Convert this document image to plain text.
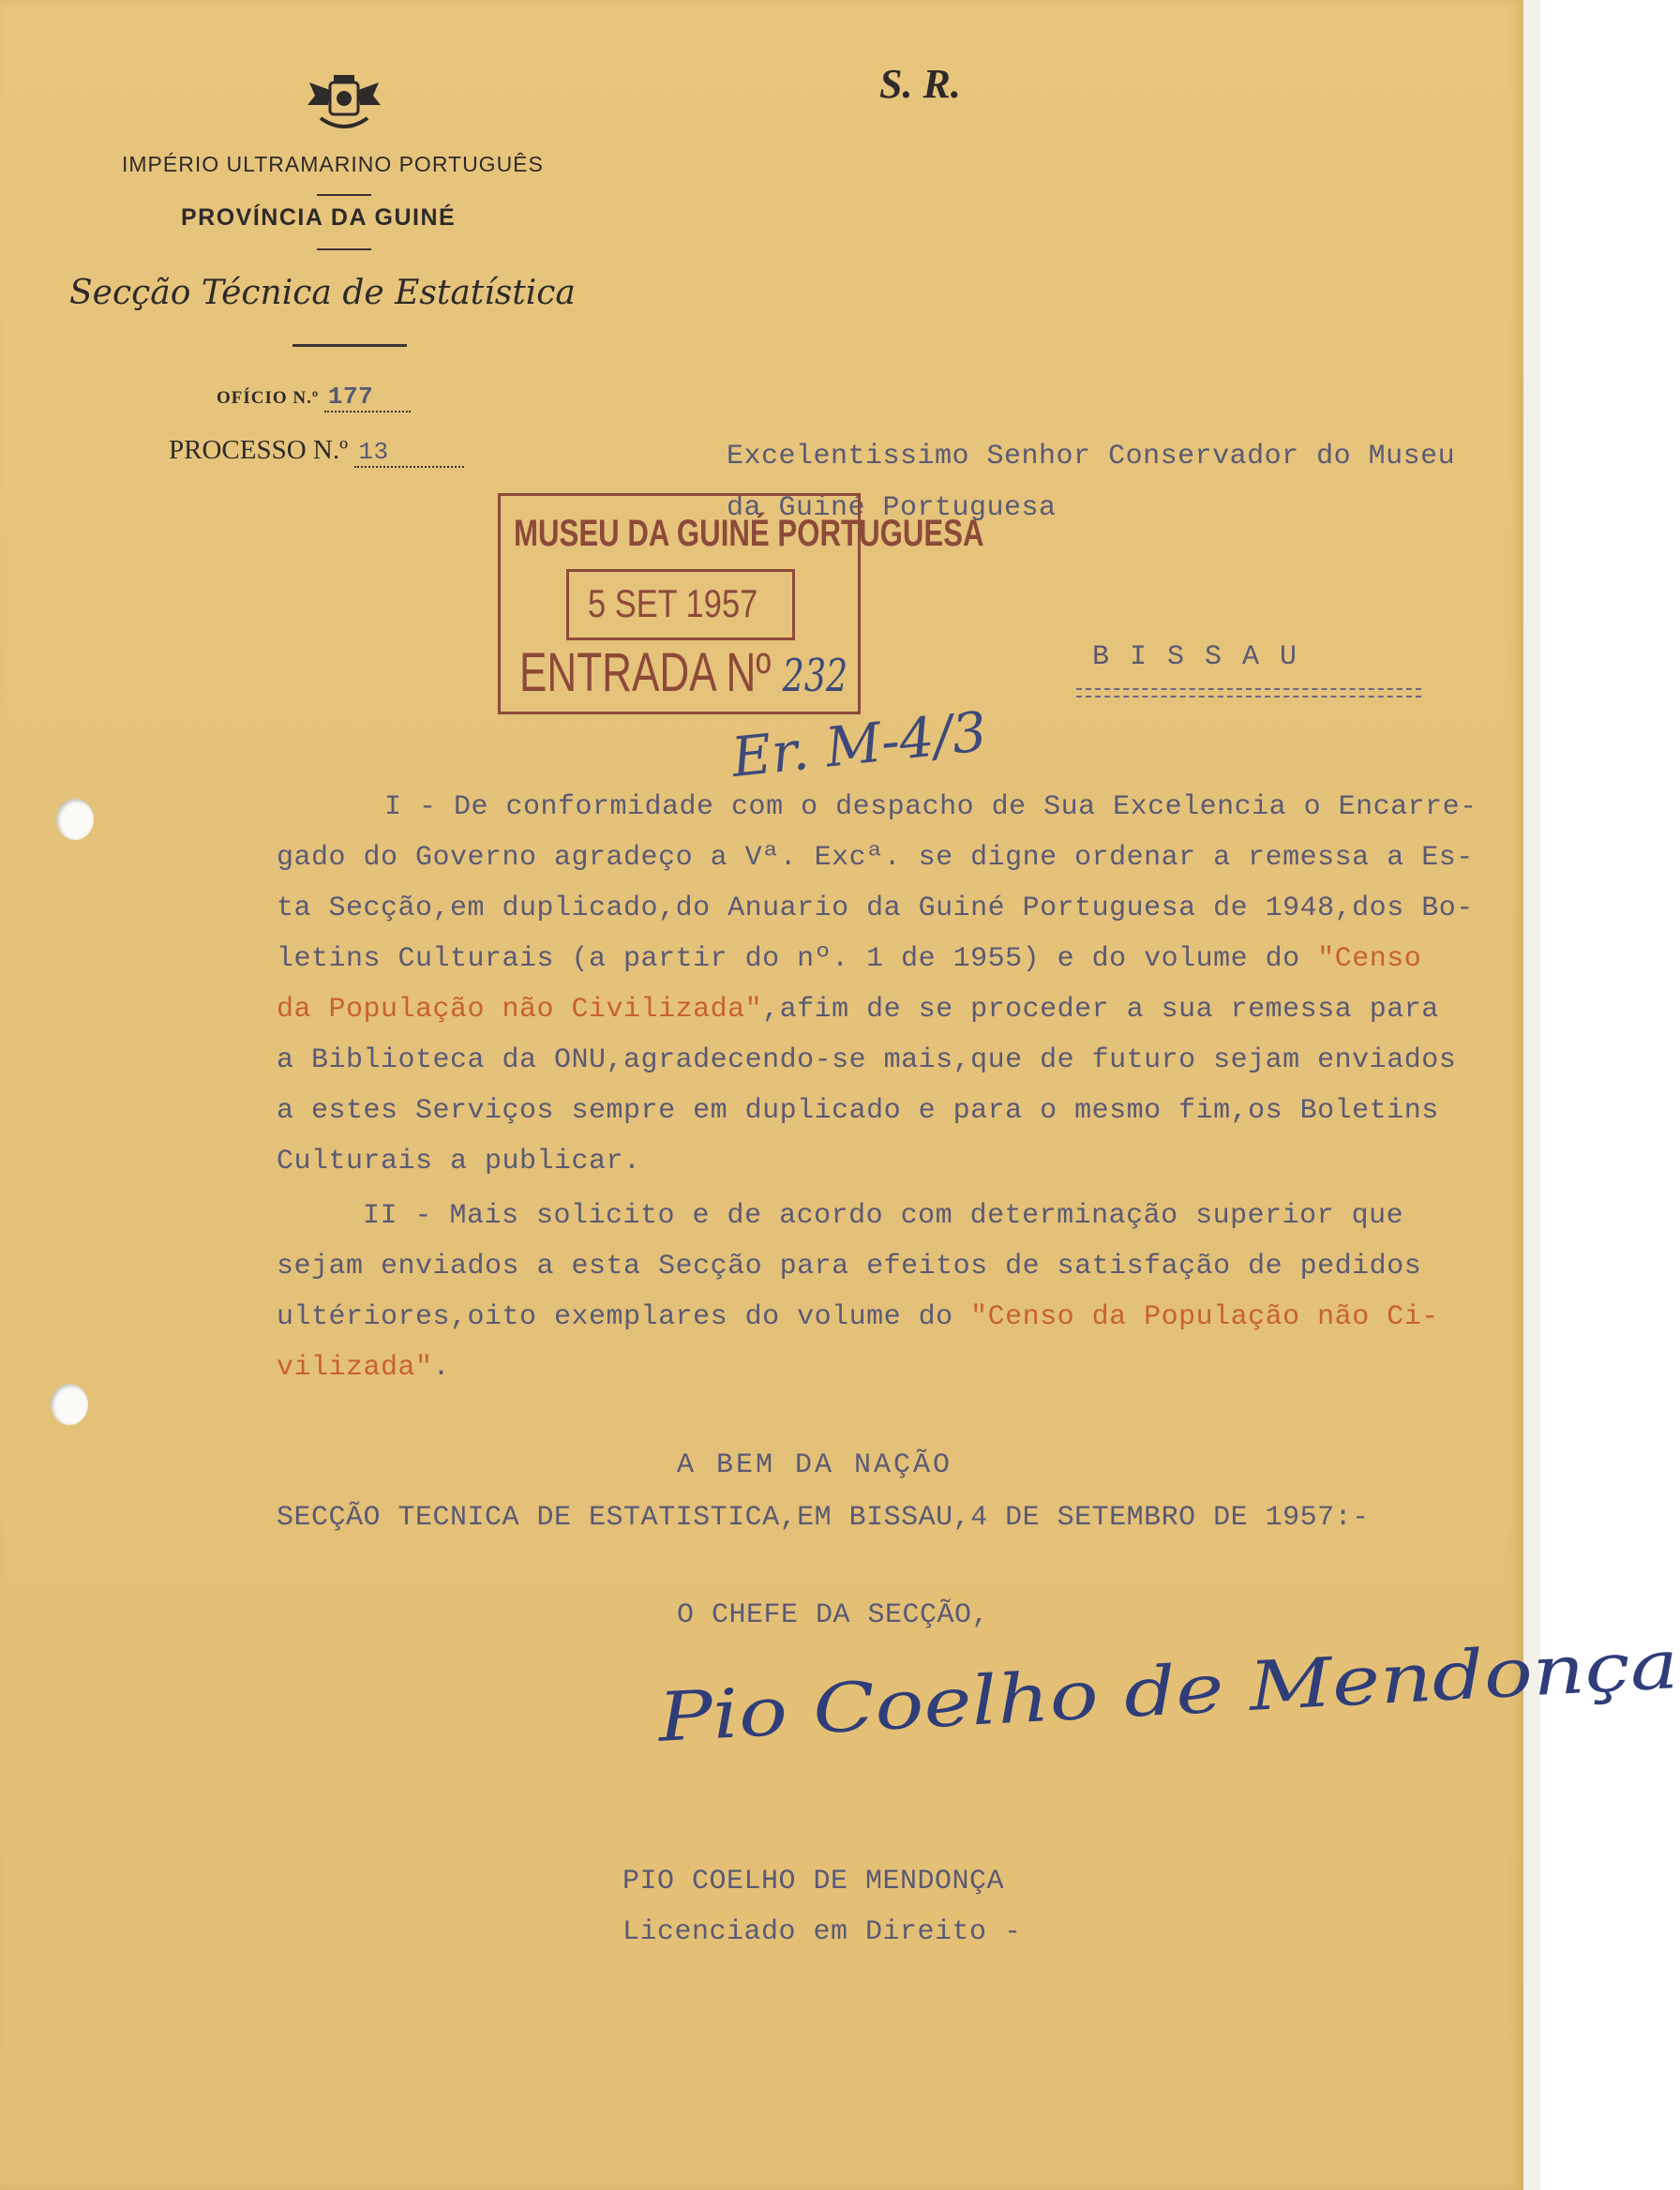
S. R.
IMPÉRIO ULTRAMARINO PORTUGUÊS
PROVÍNCIA DA GUINÉ
Secção Técnica de Estatística
OFÍCIO N.º 177
PROCESSO N.º 13	Excelentissimo Senhor Conservador do Museu
da Guiné Portuguesa
B I S S A U
MUSEU DA GUINÉ PORTUGUESA
5 SET 1957
ENTRADA Nº 232
Er. M-4/3
I - De conformidade com o despacho de Sua Excelencia o Encarre-
gado do Governo agradeço a Vª. Excª. se digne ordenar a remessa a Es-
ta Secção,em duplicado,do Anuario da Guiné Portuguesa de 1948,dos Bo-
letins Culturais (a partir do nº. 1 de 1955) e do volume do "Censo
da População não Civilizada",afim de se proceder a sua remessa para
a Biblioteca da ONU,agradecendo-se mais,que de futuro sejam enviados
a estes Serviços sempre em duplicado e para o mesmo fim,os Boletins
Culturais a publicar.
II - Mais solicito e de acordo com determinação superior que
sejam enviados a esta Secção para efeitos de satisfação de pedidos
ultériores,oito exemplares do volume do "Censo da População não Ci-
vilizada".
A BEM DA NAÇÃO
SECÇÃO TECNICA DE ESTATISTICA,EM BISSAU,4 DE SETEMBRO DE 1957:-
O CHEFE DA SECÇÃO,
Pio Coelho de Mendonça
PIO COELHO DE MENDONÇA
Licenciado em Direito -
